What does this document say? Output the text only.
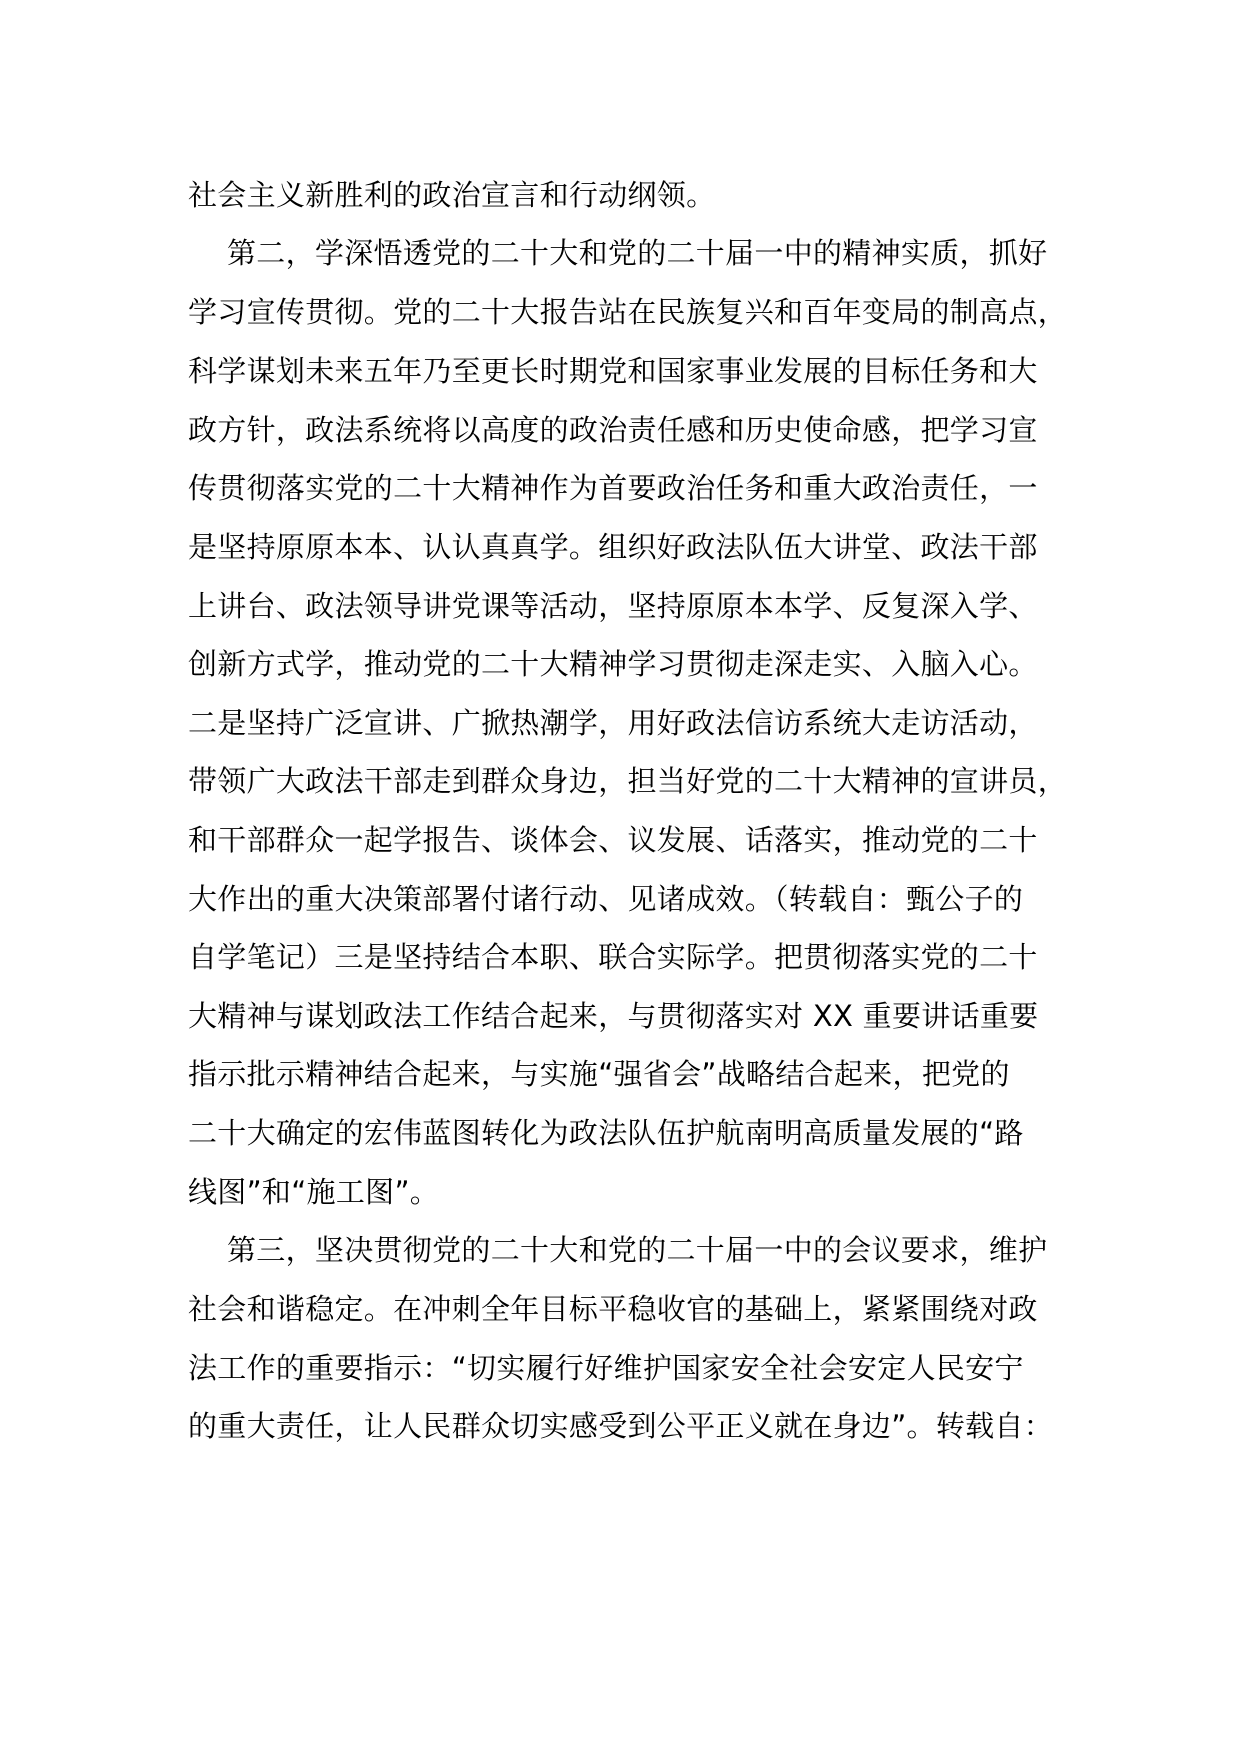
社会主义新胜利的政治宣言和行动纲领。
第二，学深悟透党的二十大和党的二十届一中的精神实质，抓好
学习宣传贯彻。党的二十大报告站在民族复兴和百年变局的制高点，
科学谋划未来五年乃至更长时期党和国家事业发展的目标任务和大
政方针，政法系统将以高度的政治责任感和历史使命感，把学习宣
传贯彻落实党的二十大精神作为首要政治任务和重大政治责任，一
是坚持原原本本、认认真真学。组织好政法队伍大讲堂、政法干部
上讲台、政法领导讲党课等活动，坚持原原本本学、反复深入学、
创新方式学，推动党的二十大精神学习贯彻走深走实、入脑入心。
二是坚持广泛宣讲、广掀热潮学，用好政法信访系统大走访活动，
带领广大政法干部走到群众身边，担当好党的二十大精神的宣讲员，
和干部群众一起学报告、谈体会、议发展、话落实，推动党的二十
大作出的重大决策部署付诸行动、见诸成效。（转载自：甄公子的
自学笔记）三是坚持结合本职、联合实际学。把贯彻落实党的二十
大精神与谋划政法工作结合起来，与贯彻落实对 XX 重要讲话重要
指示批示精神结合起来，与实施“强省会”战略结合起来，把党的
二十大确定的宏伟蓝图转化为政法队伍护航南明高质量发展的“路
线图”和“施工图”。
第三，坚决贯彻党的二十大和党的二十届一中的会议要求，维护
社会和谐稳定。在冲刺全年目标平稳收官的基础上，紧紧围绕对政
法工作的重要指示：“切实履行好维护国家安全社会安定人民安宁
的重大责任，让人民群众切实感受到公平正义就在身边”。转载自：
